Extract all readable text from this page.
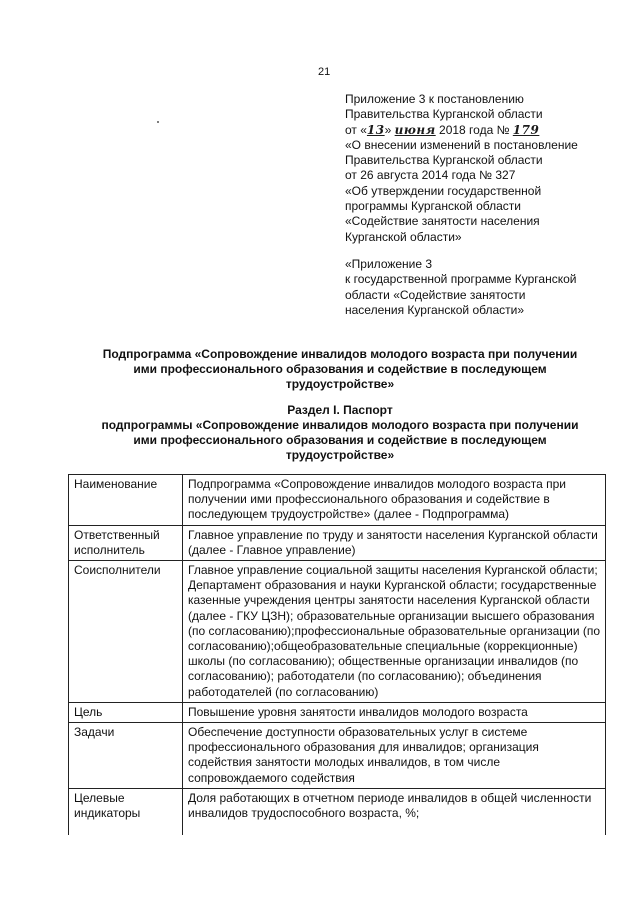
21
Приложение 3 к постановлению
Правительства Курганской области
от «13» июня 2018 года № 179
«О внесении изменений в постановление
Правительства Курганской области
от 26 августа 2014 года № 327
«Об утверждении государственной
программы Курганской области
«Содействие занятости населения
Курганской области»
«Приложение 3
к государственной программе Курганской
области «Содействие занятости
населения Курганской области»
Подпрограмма «Сопровождение инвалидов молодого возраста при получении
ими профессионального образования и содействие в последующем
трудоустройстве»
Раздел I. Паспорт
подпрограммы «Сопровождение инвалидов молодого возраста при получении
ими профессионального образования и содействие в последующем
трудоустройстве»
Наименование	Подпрограмма «Сопровождение инвалидов молодого возраста при получении ими профессионального образования и содействие в последующем трудоустройстве» (далее - Подпрограмма)
Ответственный исполнитель	Главное управление по труду и занятости населения Курганской области (далее - Главное управление)
Соисполнители	Главное управление социальной защиты населения Курганской области; Департамент образования и науки Курганской области; государственные казенные учреждения центры занятости населения Курганской области (далее - ГКУ ЦЗН); образовательные организации высшего образования (по согласованию);профессиональные образовательные организации (по согласованию);общеобразовательные специальные (коррекционные) школы (по согласованию); общественные организации инвалидов (по согласованию); работодатели (по согласованию); объединения работодателей (по согласованию)
Цель	Повышение уровня занятости инвалидов молодого возраста
Задачи	Обеспечение доступности образовательных услуг в системе профессионального образования для инвалидов; организация содействия занятости молодых инвалидов, в том числе сопровождаемого содействия
Целевые индикаторы	Доля работающих в отчетном периоде инвалидов в общей численности инвалидов трудоспособного возраста, %;
